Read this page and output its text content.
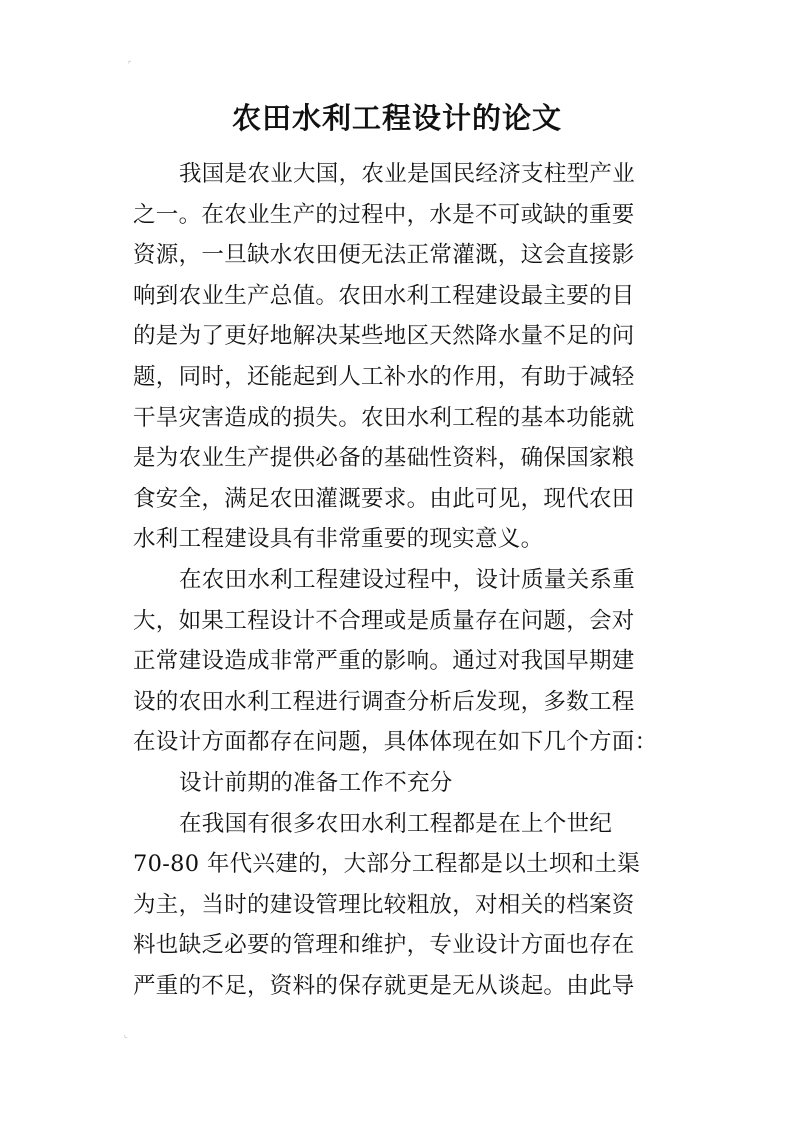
⌜
农田水利工程设计的论文
我国是农业大国，农业是国民经济支柱型产业
之一。在农业生产的过程中，水是不可或缺的重要
资源，一旦缺水农田便无法正常灌溉，这会直接影
响到农业生产总值。农田水利工程建设最主要的目
的是为了更好地解决某些地区天然降水量不足的问
题，同时，还能起到人工补水的作用，有助于减轻
干旱灾害造成的损失。农田水利工程的基本功能就
是为农业生产提供必备的基础性资料，确保国家粮
食安全，满足农田灌溉要求。由此可见，现代农田
水利工程建设具有非常重要的现实意义。
在农田水利工程建设过程中，设计质量关系重
大，如果工程设计不合理或是质量存在问题，会对
正常建设造成非常严重的影响。通过对我国早期建
设的农田水利工程进行调查分析后发现，多数工程
在设计方面都存在问题，具体体现在如下几个方面：
设计前期的准备工作不充分
在我国有很多农田水利工程都是在上个世纪
70-80 年代兴建的，大部分工程都是以土坝和土渠
为主，当时的建设管理比较粗放，对相关的档案资
料也缺乏必要的管理和维护，专业设计方面也存在
严重的不足，资料的保存就更是无从谈起。由此导
⌞
